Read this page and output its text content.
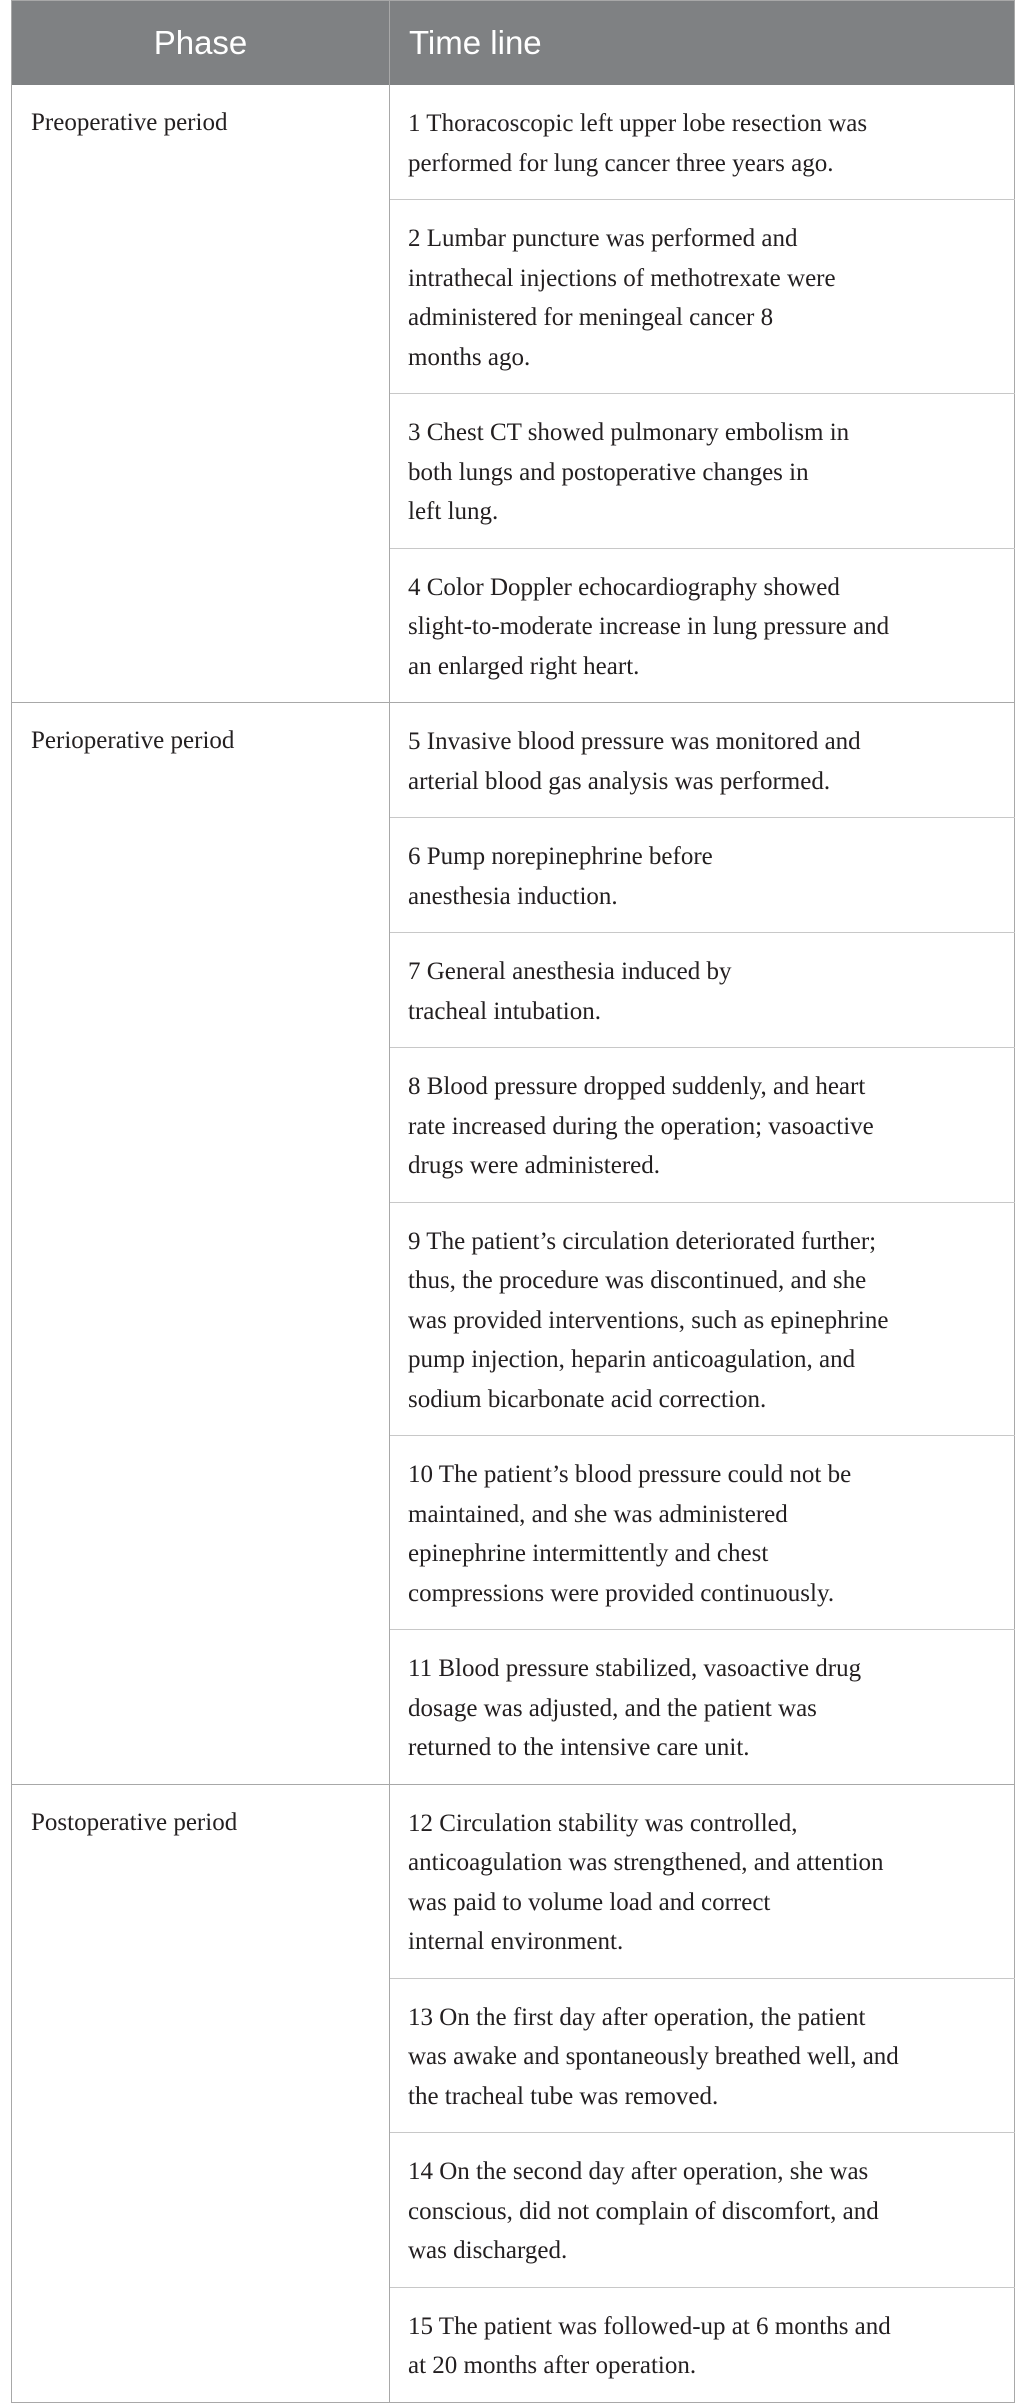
Phase	Time line
Preoperative period	1 Thoracoscopic left upper lobe resection was
performed for lung cancer three years ago.
	2 Lumbar puncture was performed and
intrathecal injections of methotrexate were
administered for meningeal cancer 8
months ago.
	3 Chest CT showed pulmonary embolism in
both lungs and postoperative changes in
left lung.
	4 Color Doppler echocardiography showed
slight-to-moderate increase in lung pressure and
an enlarged right heart.
Perioperative period	5 Invasive blood pressure was monitored and
arterial blood gas analysis was performed.
	6 Pump norepinephrine before
anesthesia induction.
	7 General anesthesia induced by
tracheal intubation.
	8 Blood pressure dropped suddenly, and heart
rate increased during the operation; vasoactive
drugs were administered.
	9 The patient’s circulation deteriorated further;
thus, the procedure was discontinued, and she
was provided interventions, such as epinephrine
pump injection, heparin anticoagulation, and
sodium bicarbonate acid correction.
	10 The patient’s blood pressure could not be
maintained, and she was administered
epinephrine intermittently and chest
compressions were provided continuously.
	11 Blood pressure stabilized, vasoactive drug
dosage was adjusted, and the patient was
returned to the intensive care unit.
Postoperative period	12 Circulation stability was controlled,
anticoagulation was strengthened, and attention
was paid to volume load and correct
internal environment.
	13 On the first day after operation, the patient
was awake and spontaneously breathed well, and
the tracheal tube was removed.
	14 On the second day after operation, she was
conscious, did not complain of discomfort, and
was discharged.
	15 The patient was followed-up at 6 months and
at 20 months after operation.
